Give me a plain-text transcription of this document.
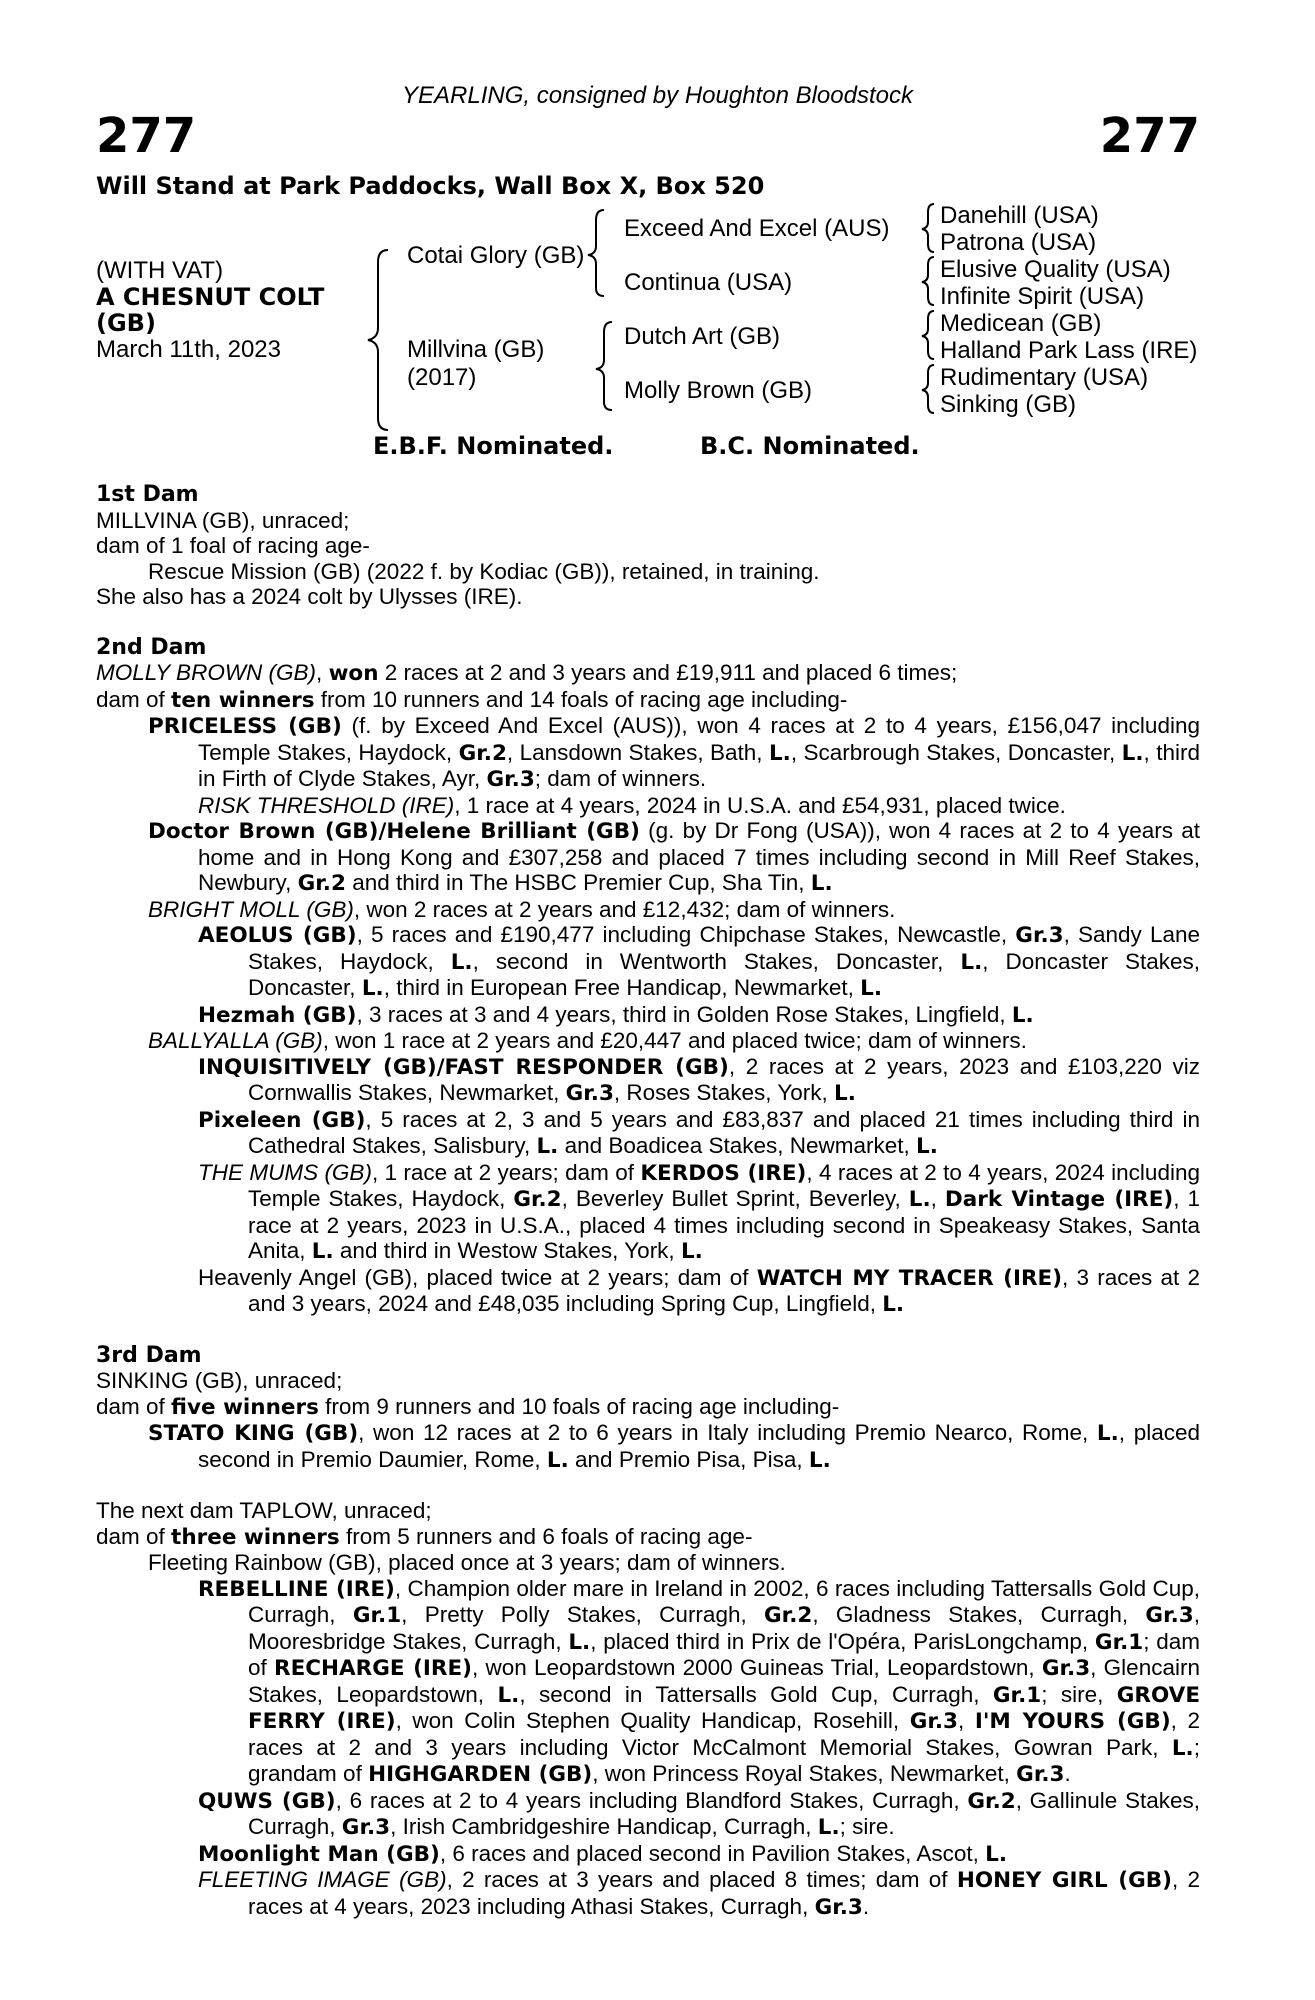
YEARLING, consigned by Houghton Bloodstock
277	277
Will Stand at Park Paddocks, Wall Box X, Box 520
(WITH VAT)
A CHESNUT COLT
(GB)
March 11th, 2023
Cotai Glory (GB)
Millvina (GB)
(2017)
Exceed And Excel (AUS)
Continua (USA)
Dutch Art (GB)
Molly Brown (GB)
Danehill (USA)
Patrona (USA)
Elusive Quality (USA)
Infinite Spirit (USA)
Medicean (GB)
Halland Park Lass (IRE)
Rudimentary (USA)
Sinking (GB)
E.B.F. Nominated.	B.C. Nominated.

1st Dam

MILLVINA (GB), unraced;

dam of 1 foal of racing age-

Rescue Mission (GB) (2022 f. by Kodiac (GB)), retained, in training.

She also has a 2024 colt by Ulysses (IRE).

2nd Dam

MOLLY BROWN (GB), won 2 races at 2 and 3 years and £19,911 and placed 6 times;

dam of ten winners from 10 runners and 14 foals of racing age including-

PRICELESS (GB) (f. by Exceed And Excel (AUS)), won 4 races at 2 to 4 years, £156,047 including Temple Stakes, Haydock, Gr.2, Lansdown Stakes, Bath, L., Scarbrough Stakes, Doncaster, L., third in Firth of Clyde Stakes, Ayr, Gr.3; dam of winners.

RISK THRESHOLD (IRE), 1 race at 4 years, 2024 in U.S.A. and £54,931, placed twice.

Doctor Brown (GB)/Helene Brilliant (GB) (g. by Dr Fong (USA)), won 4 races at 2 to 4 years at home and in Hong Kong and £307,258 and placed 7 times including second in Mill Reef Stakes, Newbury, Gr.2 and third in The HSBC Premier Cup, Sha Tin, L.

BRIGHT MOLL (GB), won 2 races at 2 years and £12,432; dam of winners.

AEOLUS (GB), 5 races and £190,477 including Chipchase Stakes, Newcastle, Gr.3, Sandy Lane Stakes, Haydock, L., second in Wentworth Stakes, Doncaster, L., Doncaster Stakes, Doncaster, L., third in European Free Handicap, Newmarket, L.

Hezmah (GB), 3 races at 3 and 4 years, third in Golden Rose Stakes, Lingfield, L.

BALLYALLA (GB), won 1 race at 2 years and £20,447 and placed twice; dam of winners.

INQUISITIVELY (GB)/FAST RESPONDER (GB), 2 races at 2 years, 2023 and £103,220 viz Cornwallis Stakes, Newmarket, Gr.3, Roses Stakes, York, L.

Pixeleen (GB), 5 races at 2, 3 and 5 years and £83,837 and placed 21 times including third in Cathedral Stakes, Salisbury, L. and Boadicea Stakes, Newmarket, L.

THE MUMS (GB), 1 race at 2 years; dam of KERDOS (IRE), 4 races at 2 to 4 years, 2024 including Temple Stakes, Haydock, Gr.2, Beverley Bullet Sprint, Beverley, L., Dark Vintage (IRE), 1 race at 2 years, 2023 in U.S.A., placed 4 times including second in Speakeasy Stakes, Santa Anita, L. and third in Westow Stakes, York, L.

Heavenly Angel (GB), placed twice at 2 years; dam of WATCH MY TRACER (IRE), 3 races at 2 and 3 years, 2024 and £48,035 including Spring Cup, Lingfield, L.

3rd Dam

SINKING (GB), unraced;

dam of five winners from 9 runners and 10 foals of racing age including-

STATO KING (GB), won 12 races at 2 to 6 years in Italy including Premio Nearco, Rome, L., placed second in Premio Daumier, Rome, L. and Premio Pisa, Pisa, L.

The next dam TAPLOW, unraced;

dam of three winners from 5 runners and 6 foals of racing age-

Fleeting Rainbow (GB), placed once at 3 years; dam of winners.

REBELLINE (IRE), Champion older mare in Ireland in 2002, 6 races including Tattersalls Gold Cup, Curragh, Gr.1, Pretty Polly Stakes, Curragh, Gr.2, Gladness Stakes, Curragh, Gr.3, Mooresbridge Stakes, Curragh, L., placed third in Prix de l'Opéra, ParisLongchamp, Gr.1; dam of RECHARGE (IRE), won Leopardstown 2000 Guineas Trial, Leopardstown, Gr.3, Glencairn Stakes, Leopardstown, L., second in Tattersalls Gold Cup, Curragh, Gr.1; sire, GROVE FERRY (IRE), won Colin Stephen Quality Handicap, Rosehill, Gr.3, I'M YOURS (GB), 2 races at 2 and 3 years including Victor McCalmont Memorial Stakes, Gowran Park, L.; grandam of HIGHGARDEN (GB), won Princess Royal Stakes, Newmarket, Gr.3.

QUWS (GB), 6 races at 2 to 4 years including Blandford Stakes, Curragh, Gr.2, Gallinule Stakes, Curragh, Gr.3, Irish Cambridgeshire Handicap, Curragh, L.; sire.

Moonlight Man (GB), 6 races and placed second in Pavilion Stakes, Ascot, L.

FLEETING IMAGE (GB), 2 races at 3 years and placed 8 times; dam of HONEY GIRL (GB), 2 races at 4 years, 2023 including Athasi Stakes, Curragh, Gr.3.
